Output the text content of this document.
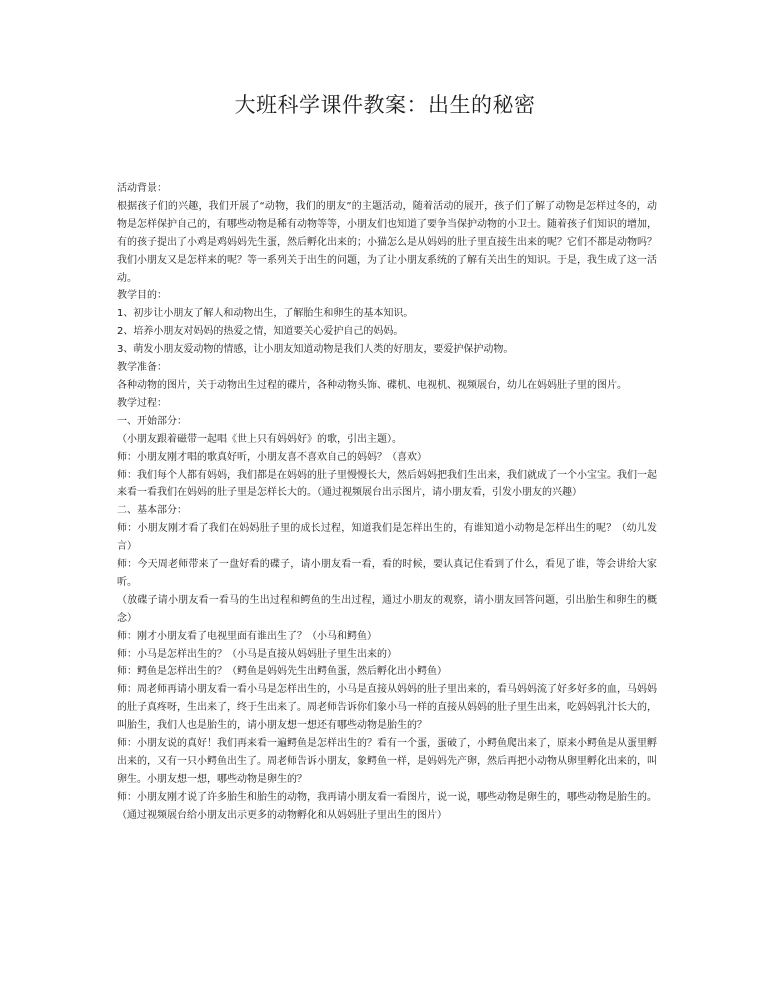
大班科学课件教案：出生的秘密

活动背景：

根据孩子们的兴趣，我们开展了“动物，我们的朋友”的主题活动，随着活动的展开，孩子们了解了动物是怎样过冬的，动物是怎样保护自己的，有哪些动物是稀有动物等等，小朋友们也知道了要争当保护动物的小卫士。随着孩子们知识的增加，有的孩子提出了小鸡是鸡妈妈先生蛋，然后孵化出来的；小猫怎么是从妈妈的肚子里直接生出来的呢？它们不都是动物吗？我们小朋友又是怎样来的呢？等一系列关于出生的问题，为了让小朋友系统的了解有关出生的知识。于是，我生成了这一活动。

教学目的：

1、初步让小朋友了解人和动物出生，了解胎生和卵生的基本知识。

2、培养小朋友对妈妈的热爱之情，知道要关心爱护自己的妈妈。

3、萌发小朋友爱动物的情感，让小朋友知道动物是我们人类的好朋友，要爱护保护动物。

教学准备：

各种动物的图片，关于动物出生过程的碟片，各种动物头饰、碟机、电视机、视频展台，幼儿在妈妈肚子里的图片。

教学过程：

一、开始部分：

（小朋友跟着磁带一起唱《世上只有妈妈好》的歌，引出主题）。

师：小朋友刚才唱的歌真好听，小朋友喜不喜欢自己的妈妈？（喜欢）

师：我们每个人都有妈妈，我们都是在妈妈的肚子里慢慢长大，然后妈妈把我们生出来，我们就成了一个小宝宝。我们一起来看一看我们在妈妈的肚子里是怎样长大的。（通过视频展台出示图片，请小朋友看，引发小朋友的兴趣）

二、基本部分：

师：小朋友刚才看了我们在妈妈肚子里的成长过程，知道我们是怎样出生的，有谁知道小动物是怎样出生的呢？（幼儿发言）

师：今天周老师带来了一盘好看的碟子，请小朋友看一看，看的时候，要认真记住看到了什么，看见了谁，等会讲给大家听。

（放碟子请小朋友看一看马的生出过程和鳄鱼的生出过程，通过小朋友的观察，请小朋友回答问题，引出胎生和卵生的概念）

师：刚才小朋友看了电视里面有谁出生了？（小马和鳄鱼）

师：小马是怎样出生的？（小马是直接从妈妈肚子里生出来的）

师：鳄鱼是怎样出生的？（鳄鱼是妈妈先生出鳄鱼蛋，然后孵化出小鳄鱼）

师：周老师再请小朋友看一看小马是怎样出生的，小马是直接从妈妈的肚子里出来的，看马妈妈流了好多好多的血，马妈妈的肚子真疼呀，生出来了，终于生出来了。周老师告诉你们象小马一样的直接从妈妈的肚子里生出来，吃妈妈乳汁长大的，叫胎生，我们人也是胎生的，请小朋友想一想还有哪些动物是胎生的？

师：小朋友说的真好！我们再来看一遍鳄鱼是怎样出生的？看有一个蛋，蛋破了，小鳄鱼爬出来了，原来小鳄鱼是从蛋里孵出来的，又有一只小鳄鱼出生了。周老师告诉小朋友，象鳄鱼一样，是妈妈先产卵，然后再把小动物从卵里孵化出来的，叫卵生。小朋友想一想，哪些动物是卵生的？

师：小朋友刚才说了许多胎生和胎生的动物，我再请小朋友看一看图片，说一说，哪些动物是卵生的，哪些动物是胎生的。（通过视频展台给小朋友出示更多的动物孵化和从妈妈肚子里出生的图片）
